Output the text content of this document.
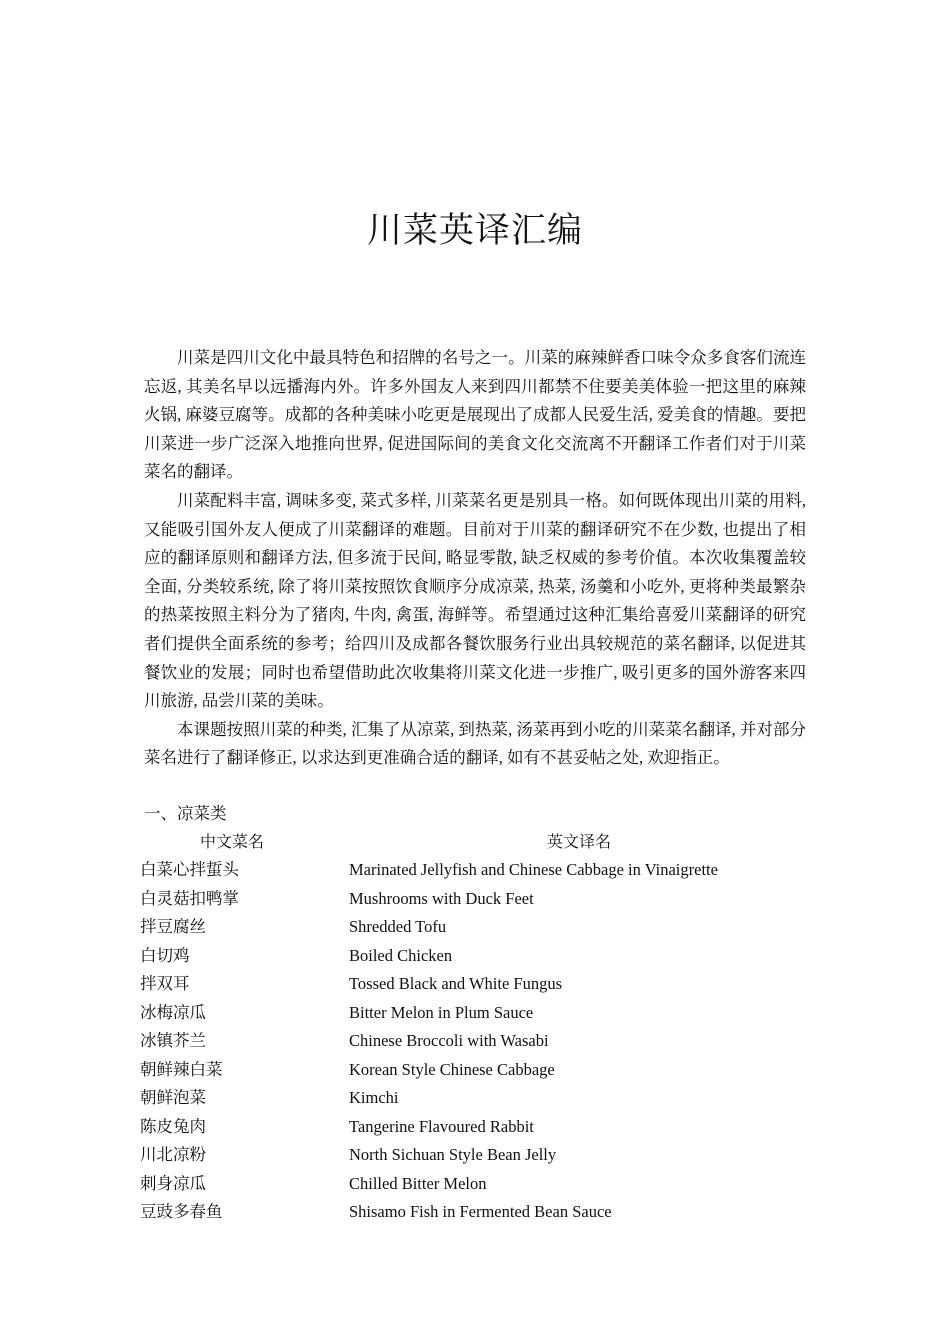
川菜英译汇编

川菜是四川文化中最具特色和招牌的名号之一。川菜的麻辣鲜香口味令众多食客们流连忘返, 其美名早以远播海内外。许多外国友人来到四川都禁不住要美美体验一把这里的麻辣火锅, 麻婆豆腐等。成都的各种美味小吃更是展现出了成都人民爱生活, 爱美食的情趣。要把川菜进一步广泛深入地推向世界, 促进国际间的美食文化交流离不开翻译工作者们对于川菜菜名的翻译。

川菜配料丰富, 调味多变, 菜式多样, 川菜菜名更是别具一格。如何既体现出川菜的用料, 又能吸引国外友人便成了川菜翻译的难题。目前对于川菜的翻译研究不在少数, 也提出了相应的翻译原则和翻译方法, 但多流于民间, 略显零散, 缺乏权威的参考价值。本次收集覆盖较全面, 分类较系统, 除了将川菜按照饮食顺序分成凉菜, 热菜, 汤羹和小吃外, 更将种类最繁杂的热菜按照主料分为了猪肉, 牛肉, 禽蛋, 海鲜等。希望通过这种汇集给喜爱川菜翻译的研究者们提供全面系统的参考；给四川及成都各餐饮服务行业出具较规范的菜名翻译, 以促进其餐饮业的发展；同时也希望借助此次收集将川菜文化进一步推广, 吸引更多的国外游客来四川旅游, 品尝川菜的美味。

本课题按照川菜的种类, 汇集了从凉菜, 到热菜, 汤菜再到小吃的川菜菜名翻译, 并对部分菜名进行了翻译修正, 以求达到更准确合适的翻译, 如有不甚妥帖之处, 欢迎指正。

一、凉菜类
中文菜名	英文译名
白菜心拌蜇头	Marinated Jellyfish and Chinese Cabbage in Vinaigrette
白灵菇扣鸭掌	Mushrooms with Duck Feet
拌豆腐丝	Shredded Tofu
白切鸡	Boiled Chicken
拌双耳	Tossed Black and White Fungus
冰梅凉瓜	Bitter Melon in Plum Sauce
冰镇芥兰	Chinese Broccoli with Wasabi
朝鲜辣白菜	Korean Style Chinese Cabbage
朝鲜泡菜	Kimchi
陈皮兔肉	Tangerine Flavoured Rabbit
川北凉粉	North Sichuan Style Bean Jelly
刺身凉瓜	Chilled Bitter Melon
豆豉多春鱼	Shisamo Fish in Fermented Bean Sauce
